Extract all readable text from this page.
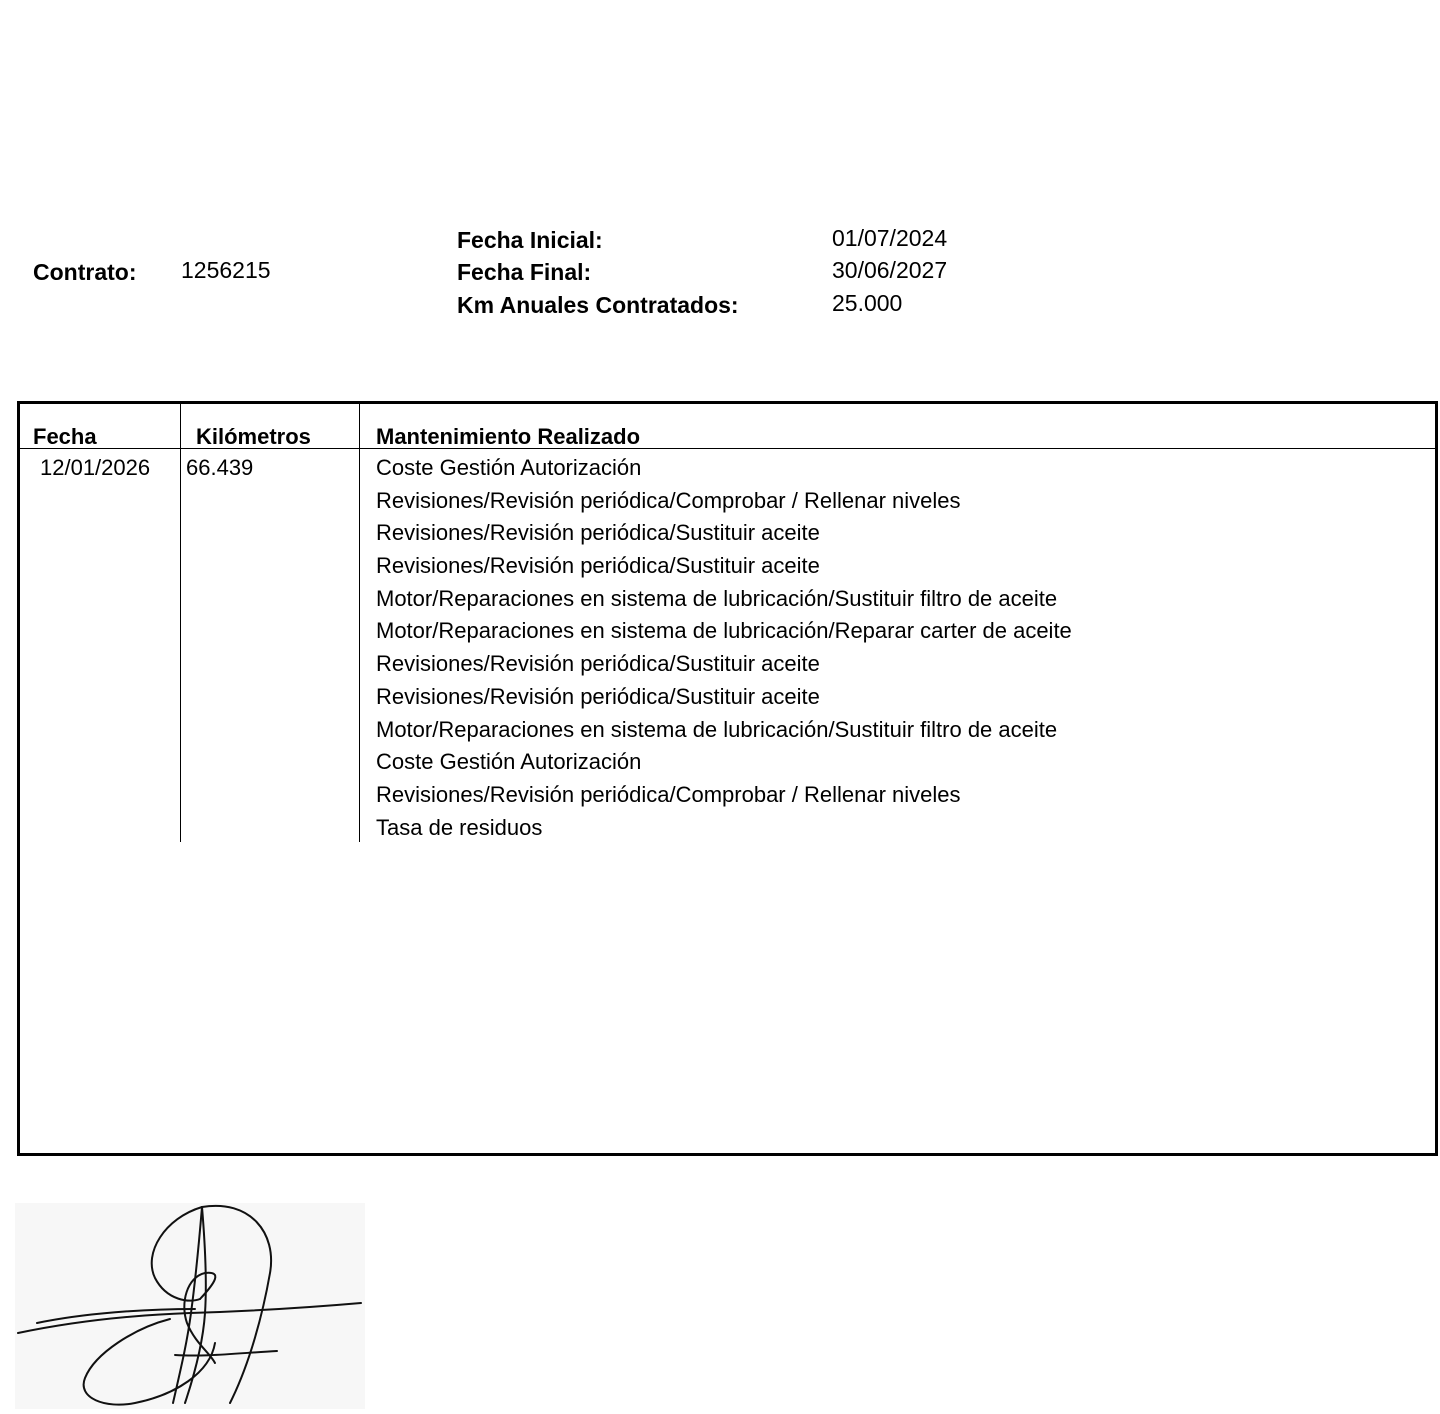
Contrato: 1256215
Fecha Inicial:	01/07/2024
Fecha Final:	30/06/2027
Km Anuales Contratados:	25.000
Fecha	Kilómetros	Mantenimiento Realizado
12/01/2026 66.439	Coste Gestión Autorización
Revisiones/Revisión periódica/Comprobar / Rellenar niveles
Revisiones/Revisión periódica/Sustituir aceite
Revisiones/Revisión periódica/Sustituir aceite
Motor/Reparaciones en sistema de lubricación/Sustituir filtro de aceite
Motor/Reparaciones en sistema de lubricación/Reparar carter de aceite
Revisiones/Revisión periódica/Sustituir aceite
Revisiones/Revisión periódica/Sustituir aceite
Motor/Reparaciones en sistema de lubricación/Sustituir filtro de aceite
Coste Gestión Autorización
Revisiones/Revisión periódica/Comprobar / Rellenar niveles
Tasa de residuos
